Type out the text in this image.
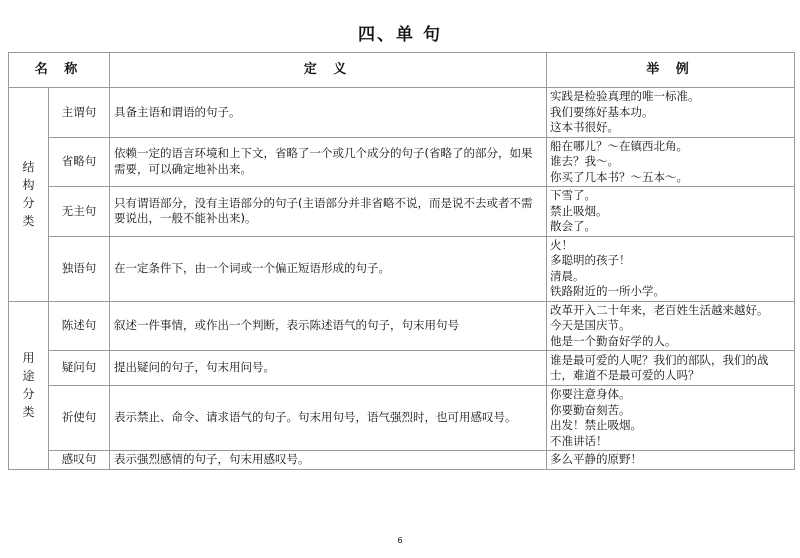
四、单 句
名 称		定 义	举 例
结构分类	主谓句	具备主语和谓语的句子。	实践是检验真理的唯一标准。
我们要练好基本功。
这本书很好。

	省略句	依赖一定的语言环境和上下文，省略了一个或几个成分的句子(省略了的部分，如果需要，可以确定地补出来。	船在哪儿？～在镇西北角。
谁去？我～。
你买了几本书？～五本～。

	无主句	只有谓语部分，没有主语部分的句子(主语部分并非省略不说，而是说不去或者不需要说出，一般不能补出来)。	下雪了。
禁止吸烟。
散会了。

	独语句	在一定条件下，由一个词或一个偏正短语形成的句子。	火！
多聪明的孩子！
清晨。
铁路附近的一所小学。

用途分类	陈述句	叙述一件事情，或作出一个判断，表示陈述语气的句子，句末用句号	改革开入二十年来，老百姓生活越来越好。
今天是国庆节。
他是一个勤奋好学的人。

	疑问句	提出疑问的句子，句末用问号。	谁是最可爱的人呢？我们的部队，我们的战士，难道不是最可爱的人吗？
	祈使句	表示禁止、命令、请求语气的句子。句末用句号，语气强烈时，也可用感叹号。	你要注意身体。
你要勤奋刻苦。
出发！禁止吸烟。
不准讲话！

	感叹句	表示强烈感情的句子，句末用感叹号。	多么平静的原野！
6
